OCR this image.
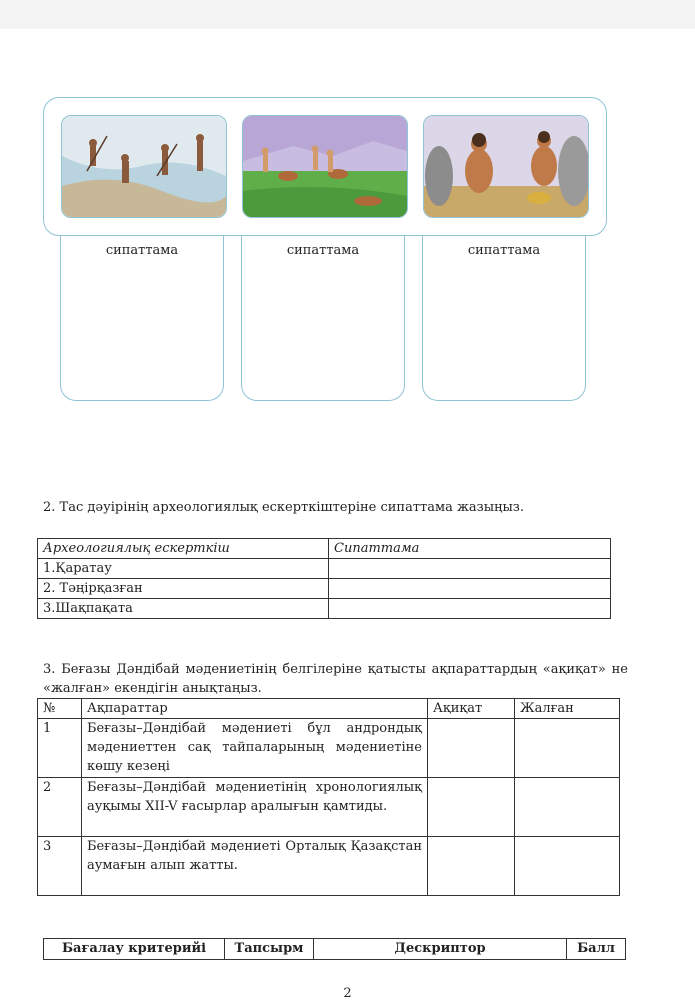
сипаттама	сипаттама	сипаттама
2. Тас дәуірінің археологиялық ескерткіштеріне сипаттама жазыңыз.
Археологиялық ескерткіш	Сипаттама
1.Қаратау	
2. Тәңірқазған	
3.Шақпақата	
3. Беғазы Дәндібай мәдениетінің белгілеріне қатысты ақпараттардың «ақиқат» не «жалған» екендігін анықтаңыз.
№	Ақпараттар	Ақиқат	Жалған
1	Беғазы–Дәндібай мәдениеті бұл андрондық мәдениеттен сақ тайпаларының мәдениетіне көшу кезеңі		
2	Беғазы–Дәндібай мәдениетінің хронологиялық ауқымы XII-V ғасырлар аралығын қамтиды.		
3	Беғазы–Дәндібай мәдениеті Орталық Қазақстан аумағын алып жатты.		
Бағалау критерийі	Тапсырм	Дескриптор	Балл
2
